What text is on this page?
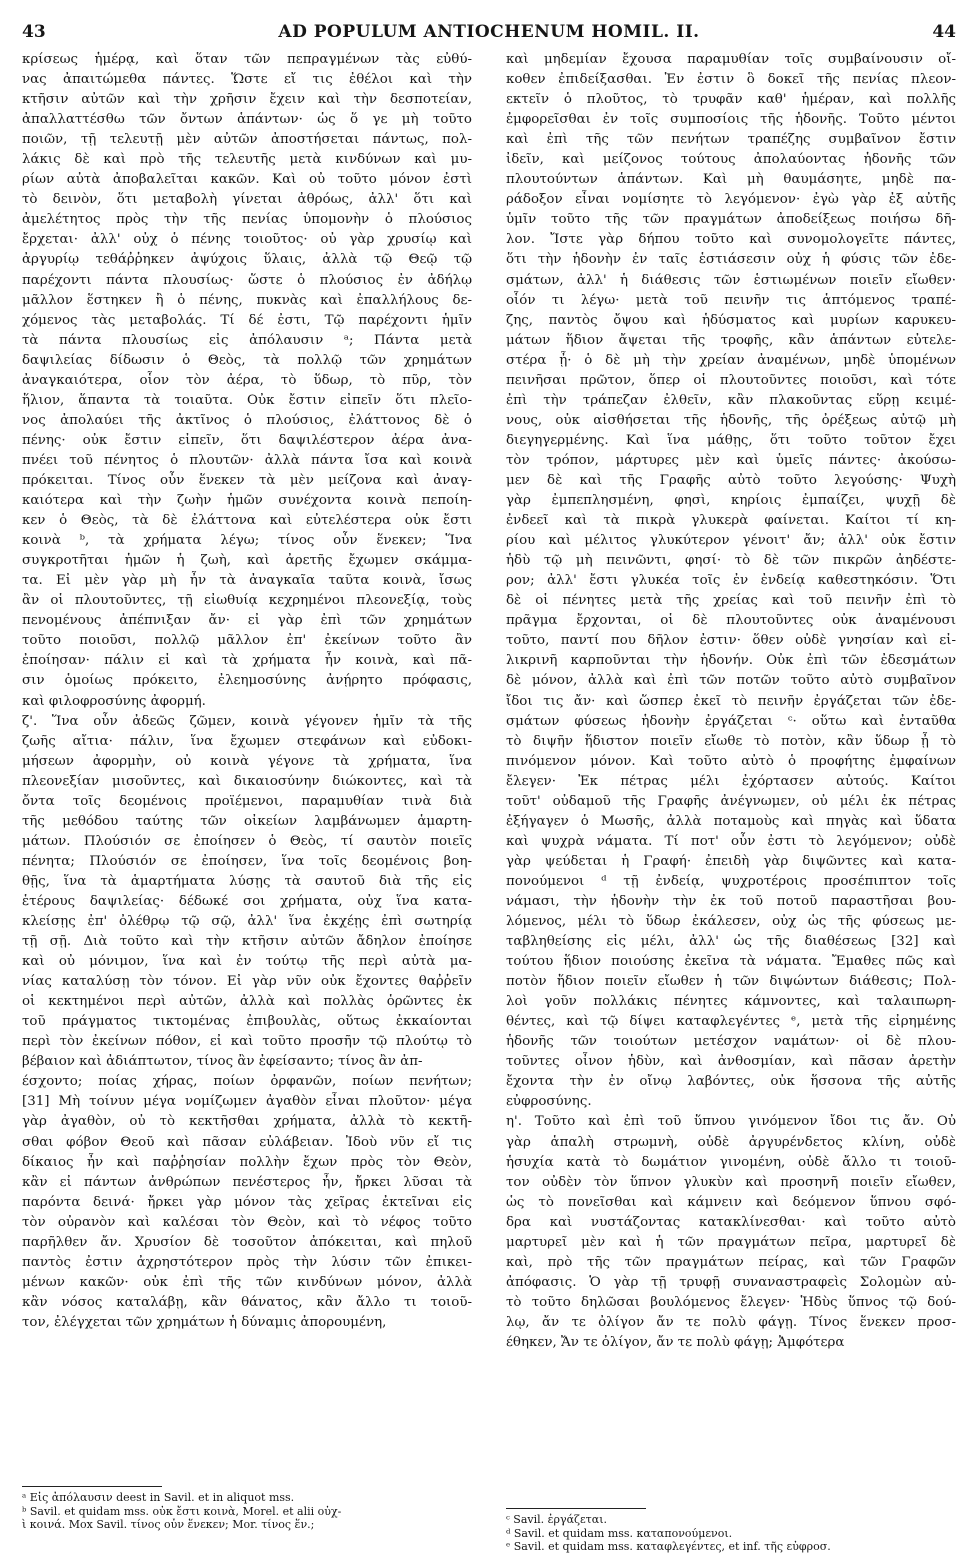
43	AD POPULUM ANTIOCHENUM HOMIL. II.	44
κρίσεως ἡμέρᾳ, καὶ ὅταν τῶν πεπραγμένων τὰς εὐθύ-
νας ἀπαιτώμεθα πάντες. Ὥστε εἴ τις ἐθέλοι καὶ τὴν
κτῆσιν αὐτῶν καὶ τὴν χρῆσιν ἔχειν καὶ τὴν δεσποτείαν,
ἀπαλλαττέσθω τῶν ὄντων ἁπάντων· ὡς ὅ γε μὴ τοῦτο
ποιῶν, τῇ τελευτῇ μὲν αὐτῶν ἀποστήσεται πάντως, πολ-
λάκις δὲ καὶ πρὸ τῆς τελευτῆς μετὰ κινδύνων καὶ μυ-
ρίων αὐτὰ ἀποβαλεῖται κακῶν. Καὶ οὐ τοῦτο μόνον ἐστὶ
τὸ δεινὸν, ὅτι μεταβολὴ γίνεται ἀθρόως, ἀλλ' ὅτι καὶ
ἀμελέτητος πρὸς τὴν τῆς πενίας ὑπομονὴν ὁ πλούσιος
ἔρχεται· ἀλλ' οὐχ ὁ πένης τοιοῦτος· οὐ γὰρ χρυσίῳ καὶ
ἀργυρίῳ τεθάῤῥηκεν ἀψύχοις ὕλαις, ἀλλὰ τῷ Θεῷ τῷ
παρέχοντι πάντα πλουσίως· ὥστε ὁ πλούσιος ἐν ἀδήλῳ
μᾶλλον ἕστηκεν ἢ ὁ πένης, πυκνὰς καὶ ἐπαλλήλους δε-
χόμενος τὰς μεταβολάς. Τί δέ ἐστι, Τῷ παρέχοντι ἡμῖν
τὰ πάντα πλουσίως εἰς ἀπόλαυσιν ᵃ; Πάντα μετὰ
δαψιλείας δίδωσιν ὁ Θεὸς, τὰ πολλῷ τῶν χρημάτων
ἀναγκαιότερα, οἷον τὸν ἀέρα, τὸ ὕδωρ, τὸ πῦρ, τὸν
ἥλιον, ἅπαντα τὰ τοιαῦτα. Οὐκ ἔστιν εἰπεῖν ὅτι πλεῖο-
νος ἀπολαύει τῆς ἀκτῖνος ὁ πλούσιος, ἐλάττονος δὲ ὁ
πένης· οὐκ ἔστιν εἰπεῖν, ὅτι δαψιλέστερον ἀέρα ἀνα-
πνέει τοῦ πένητος ὁ πλουτῶν· ἀλλὰ πάντα ἴσα καὶ κοινὰ
πρόκειται. Τίνος οὖν ἕνεκεν τὰ μὲν μείζονα καὶ ἀναγ-
καιότερα καὶ τὴν ζωὴν ἡμῶν συνέχοντα κοινὰ πεποίη-
κεν ὁ Θεὸς, τὰ δὲ ἐλάττονα καὶ εὐτελέστερα οὐκ ἔστι
κοινὰ ᵇ, τὰ χρήματα λέγω; τίνος οὖν ἕνεκεν; Ἵνα
συγκροτῆται ἡμῶν ἡ ζωὴ, καὶ ἀρετῆς ἔχωμεν σκάμμα-
τα. Εἰ μὲν γὰρ μὴ ἦν τὰ ἀναγκαῖα ταῦτα κοινὰ, ἴσως
ἂν οἱ πλουτοῦντες, τῇ εἰωθυίᾳ κεχρημένοι πλεονεξίᾳ, τοὺς
πενομένους ἀπέπνιξαν ἄν· εἰ γὰρ ἐπὶ τῶν χρημάτων
τοῦτο ποιοῦσι, πολλῷ μᾶλλον ἐπ' ἐκείνων τοῦτο ἂν
ἐποίησαν· πάλιν εἰ καὶ τὰ χρήματα ἦν κοινὰ, καὶ πᾶ-
σιν ὁμοίως πρόκειτο, ἐλεημοσύνης ἀνῄρητο πρόφασις,
καὶ φιλοφροσύνης ἀφορμή.
ζ'. Ἵνα οὖν ἀδεῶς ζῶμεν, κοινὰ γέγονεν ἡμῖν τὰ τῆς
ζωῆς αἴτια· πάλιν, ἵνα ἔχωμεν στεφάνων καὶ εὐδοκι-
μήσεων ἀφορμὴν, οὐ κοινὰ γέγονε τὰ χρήματα, ἵνα
πλεονεξίαν μισοῦντες, καὶ δικαιοσύνην διώκοντες, καὶ τὰ
ὄντα τοῖς δεομένοις προϊέμενοι, παραμυθίαν τινὰ διὰ
τῆς μεθόδου ταύτης τῶν οἰκείων λαμβάνωμεν ἁμαρτη-
μάτων. Πλούσιόν σε ἐποίησεν ὁ Θεὸς, τί σαυτὸν ποιεῖς
πένητα; Πλούσιόν σε ἐποίησεν, ἵνα τοῖς δεομένοις βοη-
θῇς, ἵνα τὰ ἁμαρτήματα λύσῃς τὰ σαυτοῦ διὰ τῆς εἰς
ἑτέρους δαψιλείας· δέδωκέ σοι χρήματα, οὐχ ἵνα κατα-
κλείσῃς ἐπ' ὀλέθρῳ τῷ σῷ, ἀλλ' ἵνα ἐκχέῃς ἐπὶ σωτηρίᾳ
τῇ σῇ. Διὰ τοῦτο καὶ τὴν κτῆσιν αὐτῶν ἄδηλον ἐποίησε
καὶ οὐ μόνιμον, ἵνα καὶ ἐν τούτῳ τῆς περὶ αὐτὰ μα-
νίας καταλύσῃ τὸν τόνον. Εἰ γὰρ νῦν οὐκ ἔχοντες θαῤῥεῖν
οἱ κεκτημένοι περὶ αὐτῶν, ἀλλὰ καὶ πολλὰς ὁρῶντες ἐκ
τοῦ πράγματος τικτομένας ἐπιβουλὰς, οὕτως ἐκκαίονται
περὶ τὸν ἐκείνων πόθον, εἰ καὶ τοῦτο προσῆν τῷ πλούτῳ τὸ
βέβαιον καὶ ἀδιάπτωτον, τίνος ἂν ἐφείσαντο; τίνος ἂν ἀπ-
έσχοντο; ποίας χήρας, ποίων ὀρφανῶν, ποίων πενήτων;
[31] Μὴ τοίνυν μέγα νομίζωμεν ἀγαθὸν εἶναι πλοῦτον· μέγα
γὰρ ἀγαθὸν, οὐ τὸ κεκτῆσθαι χρήματα, ἀλλὰ τὸ κεκτῆ-
σθαι φόβον Θεοῦ καὶ πᾶσαν εὐλάβειαν. Ἰδοὺ νῦν εἴ τις
δίκαιος ἦν καὶ παῤῥησίαν πολλὴν ἔχων πρὸς τὸν Θεὸν,
κἂν εἰ πάντων ἀνθρώπων πενέστερος ἦν, ἤρκει λῦσαι τὰ
παρόντα δεινά· ἤρκει γὰρ μόνον τὰς χεῖρας ἐκτεῖναι εἰς
τὸν οὐρανὸν καὶ καλέσαι τὸν Θεὸν, καὶ τὸ νέφος τοῦτο
παρῆλθεν ἄν. Χρυσίον δὲ τοσοῦτον ἀπόκειται, καὶ πηλοῦ
παντὸς ἐστιν ἀχρηστότερον πρὸς τὴν λύσιν τῶν ἐπικει-
μένων κακῶν· οὐκ ἐπὶ τῆς τῶν κινδύνων μόνον, ἀλλὰ
κἂν νόσος καταλάβῃ, κἂν θάνατος, κἂν ἄλλο τι τοιοῦ-
τον, ἐλέγχεται τῶν χρημάτων ἡ δύναμις ἀπορουμένη,
καὶ μηδεμίαν ἔχουσα παραμυθίαν τοῖς συμβαίνουσιν οἴ-
κοθεν ἐπιδείξασθαι. Ἐν ἐστιν ὃ δοκεῖ τῆς πενίας πλεον-
εκτεῖν ὁ πλοῦτος, τὸ τρυφᾶν καθ' ἡμέραν, καὶ πολλῆς
ἐμφορεῖσθαι ἐν τοῖς συμποσίοις τῆς ἡδονῆς. Τοῦτο μέντοι
καὶ ἐπὶ τῆς τῶν πενήτων τραπέζης συμβαῖνον ἔστιν
ἰδεῖν, καὶ μείζονος τούτους ἀπολαύοντας ἡδονῆς τῶν
πλουτούντων ἁπάντων. Καὶ μὴ θαυμάσητε, μηδὲ πα-
ράδοξον εἶναι νομίσητε τὸ λεγόμενον· ἐγὼ γὰρ ἐξ αὐτῆς
ὑμῖν τοῦτο τῆς τῶν πραγμάτων ἀποδείξεως ποιήσω δῆ-
λον. Ἴστε γὰρ δήπου τοῦτο καὶ συνομολογεῖτε πάντες,
ὅτι τὴν ἡδονὴν ἐν ταῖς ἑστιάσεσιν οὐχ ἡ φύσις τῶν ἐδε-
σμάτων, ἀλλ' ἡ διάθεσις τῶν ἑστιωμένων ποιεῖν εἴωθεν·
οἷόν τι λέγω· μετὰ τοῦ πεινῆν τις ἁπτόμενος τραπέ-
ζης, παντὸς ὄψου καὶ ἡδύσματος καὶ μυρίων καρυκευ-
μάτων ἥδιον ἄψεται τῆς τροφῆς, κἂν ἁπάντων εὐτελε-
στέρα ᾖ· ὁ δὲ μὴ τὴν χρείαν ἀναμένων, μηδὲ ὑπομένων
πεινῆσαι πρῶτον, ὅπερ οἱ πλουτοῦντες ποιοῦσι, καὶ τότε
ἐπὶ τὴν τράπεζαν ἐλθεῖν, κἂν πλακοῦντας εὕρῃ κειμέ-
νους, οὐκ αἰσθήσεται τῆς ἡδονῆς, τῆς ὀρέξεως αὐτῷ μὴ
διεγηγερμένης. Καὶ ἵνα μάθῃς, ὅτι τοῦτο τοῦτον ἔχει
τὸν τρόπον, μάρτυρες μὲν καὶ ὑμεῖς πάντες· ἀκούσω-
μεν δὲ καὶ τῆς Γραφῆς αὐτὸ τοῦτο λεγούσης· Ψυχὴ
γὰρ ἐμπεπλησμένη, φησὶ, κηρίοις ἐμπαίζει, ψυχῇ δὲ
ἐνδεεῖ καὶ τὰ πικρὰ γλυκερὰ φαίνεται. Καίτοι τί κη-
ρίου καὶ μέλιτος γλυκύτερον γένοιτ' ἄν; ἀλλ' οὐκ ἔστιν
ἡδὺ τῷ μὴ πεινῶντι, φησί· τὸ δὲ τῶν πικρῶν ἀηδέστε-
ρον; ἀλλ' ἔστι γλυκέα τοῖς ἐν ἐνδείᾳ καθεστηκόσιν. Ὅτι
δὲ οἱ πένητες μετὰ τῆς χρείας καὶ τοῦ πεινῆν ἐπὶ τὸ
πρᾶγμα ἔρχονται, οἱ δὲ πλουτοῦντες οὐκ ἀναμένουσι
τοῦτο, παντί που δῆλον ἐστιν· ὅθεν οὐδὲ γνησίαν καὶ εἰ-
λικρινῆ καρποῦνται τὴν ἡδονήν. Οὐκ ἐπὶ τῶν ἐδεσμάτων
δὲ μόνον, ἀλλὰ καὶ ἐπὶ τῶν ποτῶν τοῦτο αὐτὸ συμβαῖνον
ἴδοι τις ἄν· καὶ ὥσπερ ἐκεῖ τὸ πεινῆν ἐργάζεται τῶν ἐδε-
σμάτων φύσεως ἡδονὴν ἐργάζεται ᶜ· οὕτω καὶ ἐνταῦθα
τὸ διψῆν ἥδιστον ποιεῖν εἴωθε τὸ ποτὸν, κἂν ὕδωρ ᾖ τὸ
πινόμενον μόνον. Καὶ τοῦτο αὐτὸ ὁ προφήτης ἐμφαίνων
ἔλεγεν· Ἐκ πέτρας μέλι ἐχόρτασεν αὐτούς. Καίτοι
τοῦτ' οὐδαμοῦ τῆς Γραφῆς ἀνέγνωμεν, οὐ μέλι ἐκ πέτρας
ἐξήγαγεν ὁ Μωσῆς, ἀλλὰ ποταμοὺς καὶ πηγὰς καὶ ὕδατα
καὶ ψυχρὰ νάματα. Τί ποτ' οὖν ἐστι τὸ λεγόμενον; οὐδὲ
γὰρ ψεύδεται ἡ Γραφή· ἐπειδὴ γὰρ διψῶντες καὶ κατα-
πονούμενοι ᵈ τῇ ἐνδείᾳ, ψυχροτέροις προσέπιπτον τοῖς
νάμασι, τὴν ἡδονὴν τὴν ἐκ τοῦ ποτοῦ παραστῆσαι βου-
λόμενος, μέλι τὸ ὕδωρ ἐκάλεσεν, οὐχ ὡς τῆς φύσεως με-
ταβληθείσης εἰς μέλι, ἀλλ' ὡς τῆς διαθέσεως [32] καὶ
τούτου ἥδιον ποιούσης ἐκεῖνα τὰ νάματα. Ἔμαθες πῶς καὶ
ποτὸν ἥδιον ποιεῖν εἴωθεν ἡ τῶν διψώντων διάθεσις; Πολ-
λοὶ γοῦν πολλάκις πένητες κάμνοντες, καὶ ταλαιπωρη-
θέντες, καὶ τῷ δίψει καταφλεγέντες ᵉ, μετὰ τῆς εἰρημένης
ἡδονῆς τῶν τοιούτων μετέσχον ναμάτων· οἱ δὲ πλου-
τοῦντες οἶνον ἡδὺν, καὶ ἀνθοσμίαν, καὶ πᾶσαν ἀρετὴν
ἔχοντα τὴν ἐν οἴνῳ λαβόντες, οὐκ ἥσσονα τῆς αὐτῆς
εὐφροσύνης.
η'. Τοῦτο καὶ ἐπὶ τοῦ ὕπνου γινόμενον ἴδοι τις ἄν. Οὐ
γὰρ ἁπαλὴ στρωμνὴ, οὐδὲ ἀργυρένδετος κλίνη, οὐδὲ
ἡσυχία κατὰ τὸ δωμάτιον γινομένη, οὐδὲ ἄλλο τι τοιοῦ-
τον οὐδὲν τὸν ὕπνον γλυκὺν καὶ προσηνῆ ποιεῖν εἴωθεν,
ὡς τὸ πονεῖσθαι καὶ κάμνειν καὶ δεόμενον ὕπνου σφό-
δρα καὶ νυστάζοντας κατακλίνεσθαι· καὶ τοῦτο αὐτὸ
μαρτυρεῖ μὲν καὶ ἡ τῶν πραγμάτων πεῖρα, μαρτυρεῖ δὲ
καὶ, πρὸ τῆς τῶν πραγμάτων πείρας, καὶ τῶν Γραφῶν
ἀπόφασις. Ὁ γὰρ τῇ τρυφῇ συναναστραφεὶς Σολομὼν αὐ-
τὸ τοῦτο δηλῶσαι βουλόμενος ἔλεγεν· Ἡδὺς ὕπνος τῷ δού-
λῳ, ἄν τε ὀλίγον ἄν τε πολὺ φάγῃ. Τίνος ἕνεκεν προσ-
έθηκεν, Ἄν τε ὀλίγον, ἄν τε πολὺ φάγῃ; Ἀμφότερα
ᵃ Εἰς ἀπόλαυσιν deest in Savil. et in aliquot mss.
ᵇ Savil. et quidam mss. οὐκ ἔστι κοινὰ, Morel. et alii οὐχ-
ὶ κοινά. Mox Savil. τίνος οὖν ἕνεκεν; Mor. τίνος ἕν.;	ᶜ Savil. ἐργάζεται.
ᵈ Savil. et quidam mss. καταπονούμενοι.
ᵉ Savil. et quidam mss. καταφλεγέντες, et inf. τῆς εὐφροσ.
